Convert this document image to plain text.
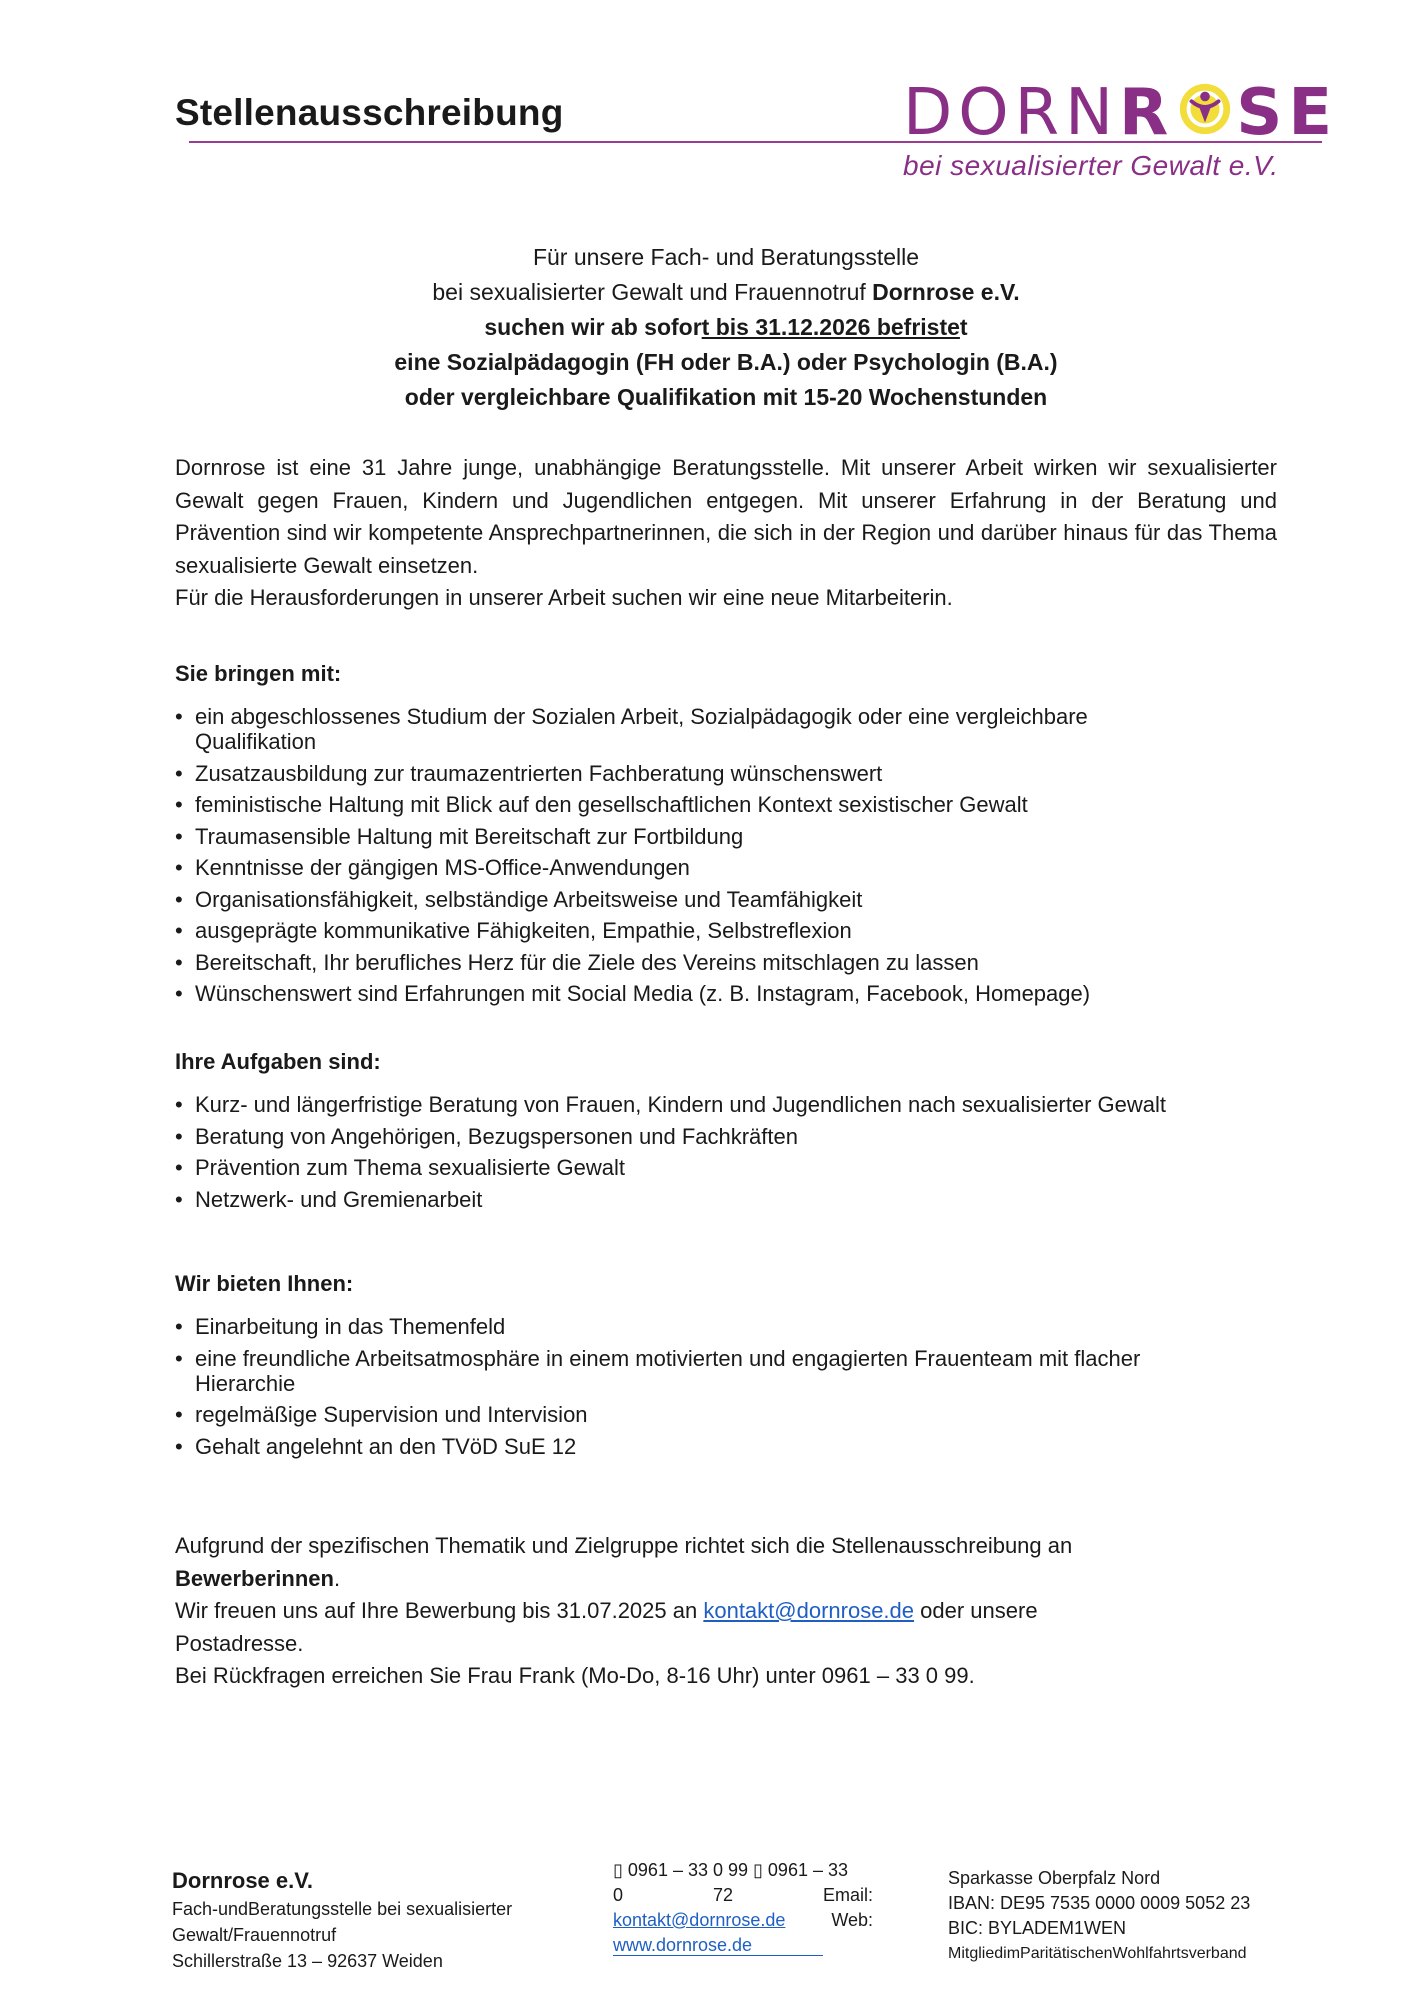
Stellenausschreibung	DORNR SE
bei sexualisierter Gewalt e.V.
Für unsere Fach- und Beratungsstelle
bei sexualisierter Gewalt und Frauennotruf Dornrose e.V.
suchen wir ab sofort bis 31.12.2026 befristet
eine Sozialpädagogin (FH oder B.A.) oder Psychologin (B.A.)
oder vergleichbare Qualifikation mit 15-20 Wochenstunden

Dornrose ist eine 31 Jahre junge, unabhängige Beratungsstelle. Mit unserer Arbeit wirken wir sexualisierter Gewalt gegen Frauen, Kindern und Jugendlichen entgegen. Mit unserer Erfahrung in der Beratung und Prävention sind wir kompetente Ansprechpartnerinnen, die sich in der Region und darüber hinaus für das Thema sexualisierte Gewalt einsetzen.

Für die Herausforderungen in unserer Arbeit suchen wir eine neue Mitarbeiterin.

Sie bringen mit:
• ein abgeschlossenes Studium der Sozialen Arbeit, Sozialpädagogik oder eine vergleichbare Qualifikation
• Zusatzausbildung zur traumazentrierten Fachberatung wünschenswert
• feministische Haltung mit Blick auf den gesellschaftlichen Kontext sexistischer Gewalt
• Traumasensible Haltung mit Bereitschaft zur Fortbildung
• Kenntnisse der gängigen MS-Office-Anwendungen
• Organisationsfähigkeit, selbständige Arbeitsweise und Teamfähigkeit
• ausgeprägte kommunikative Fähigkeiten, Empathie, Selbstreflexion
• Bereitschaft, Ihr berufliches Herz für die Ziele des Vereins mitschlagen zu lassen
• Wünschenswert sind Erfahrungen mit Social Media (z. B. Instagram, Facebook, Homepage)
Ihre Aufgaben sind:
• Kurz- und längerfristige Beratung von Frauen, Kindern und Jugendlichen nach sexualisierter Gewalt
• Beratung von Angehörigen, Bezugspersonen und Fachkräften
• Prävention zum Thema sexualisierte Gewalt
• Netzwerk- und Gremienarbeit
Wir bieten Ihnen:
• Einarbeitung in das Themenfeld
• eine freundliche Arbeitsatmosphäre in einem motivierten und engagierten Frauenteam mit flacher Hierarchie
• regelmäßige Supervision und Intervision
• Gehalt angelehnt an den TVöD SuE 12

Aufgrund der spezifischen Thematik und Zielgruppe richtet sich die Stellenausschreibung an

Bewerberinnen.

Wir freuen uns auf Ihre Bewerbung bis 31.07.2025 an kontakt@dornrose.de oder unsere

Postadresse.

Bei Rückfragen erreichen Sie Frau Frank (Mo-Do, 8-16 Uhr) unter 0961 – 33 0 99.

Dornrose e.V.
Fach-undBeratungsstelle bei sexualisierter
Gewalt/Frauennotruf
Schillerstraße 13 – 92637 Weiden
▯ 0961 – 33 0 99 ▯ 0961 – 33
0	72	Email:
kontakt@dornrose.de	Web:
www.dornrose.de
Sparkasse Oberpfalz Nord
IBAN: DE95 7535 0000 0009 5052 23
BIC: BYLADEM1WEN
MitgliedimParitätischenWohlfahrtsverband
